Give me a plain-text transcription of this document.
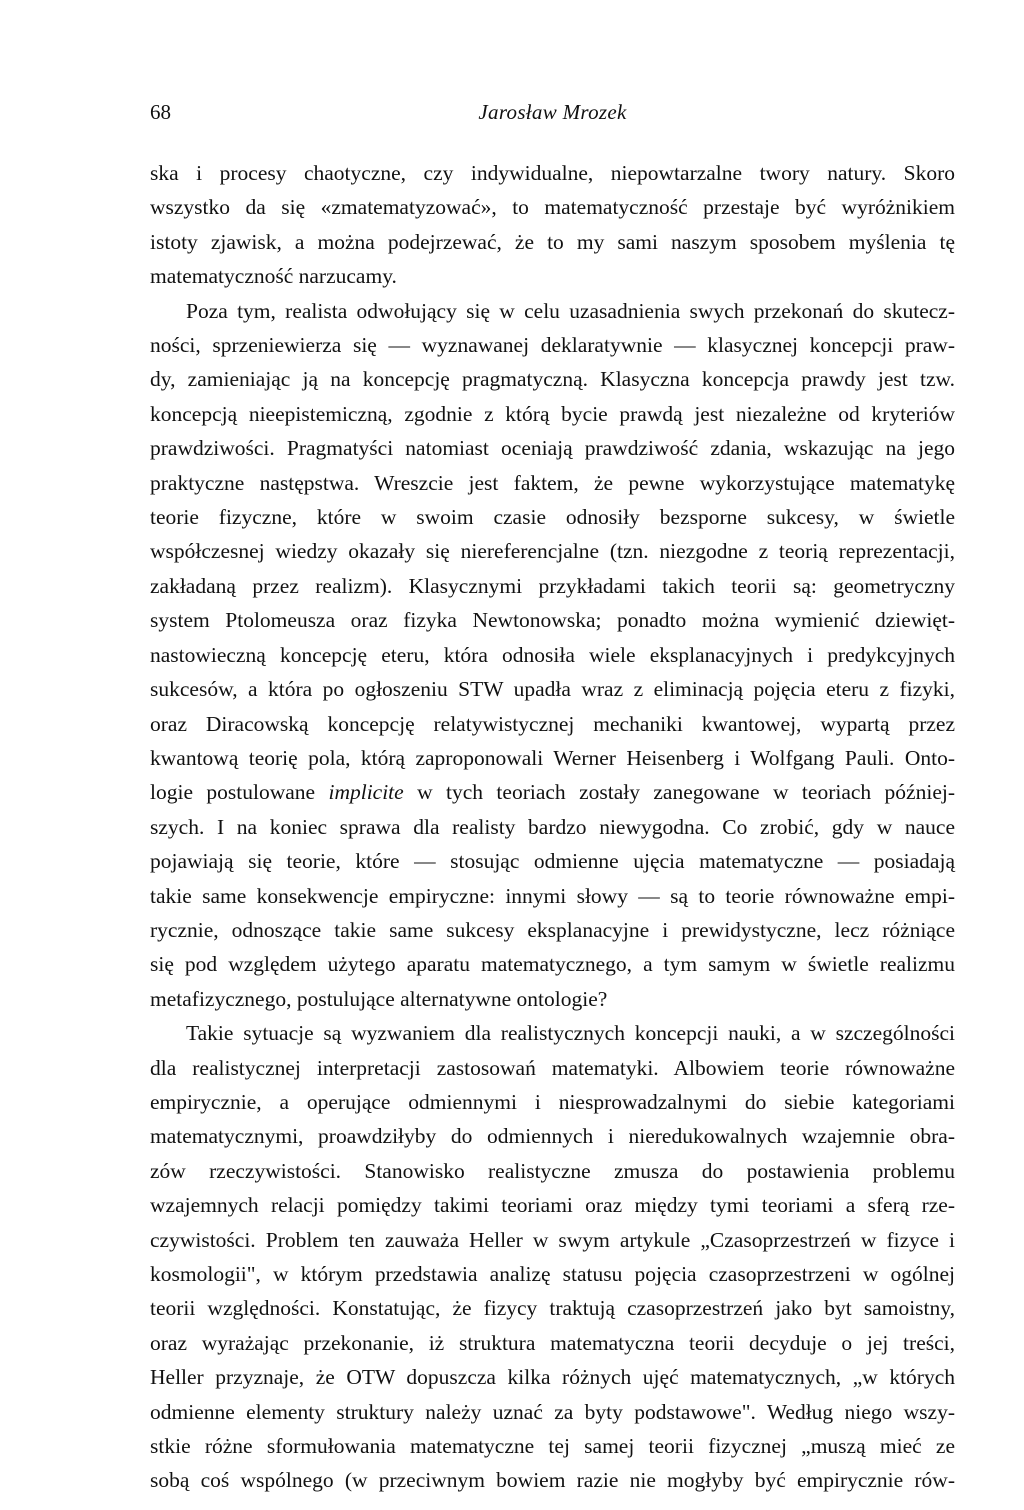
68	Jarosław Mrozek
ska i procesy chaotyczne, czy indywidualne, niepowtarzalne twory natury. Skoro
wszystko da się «zmatematyzować», to matematyczność przestaje być wyróżnikiem
istoty zjawisk, a można podejrzewać, że to my sami naszym sposobem myślenia tę
matematyczność narzucamy.
Poza tym, realista odwołujący się w celu uzasadnienia swych przekonań do skutecz-
ności, sprzeniewierza się — wyznawanej deklaratywnie — klasycznej koncepcji praw-
dy, zamieniając ją na koncepcję pragmatyczną. Klasyczna koncepcja prawdy jest tzw.
koncepcją nieepistemiczną, zgodnie z którą bycie prawdą jest niezależne od kryteriów
prawdziwości. Pragmatyści natomiast oceniają prawdziwość zdania, wskazując na jego
praktyczne następstwa. Wreszcie jest faktem, że pewne wykorzystujące matematykę
teorie fizyczne, które w swoim czasie odnosiły bezsporne sukcesy, w świetle
współczesnej wiedzy okazały się niereferencjalne (tzn. niezgodne z teorią reprezentacji,
zakładaną przez realizm). Klasycznymi przykładami takich teorii są: geometryczny
system Ptolomeusza oraz fizyka Newtonowska; ponadto można wymienić dziewięt-
nastowieczną koncepcję eteru, która odnosiła wiele eksplanacyjnych i predykcyjnych
sukcesów, a która po ogłoszeniu STW upadła wraz z eliminacją pojęcia eteru z fizyki,
oraz Diracowską koncepcję relatywistycznej mechaniki kwantowej, wypartą przez
kwantową teorię pola, którą zaproponowali Werner Heisenberg i Wolfgang Pauli. Onto-
logie postulowane implicite w tych teoriach zostały zanegowane w teoriach później-
szych. I na koniec sprawa dla realisty bardzo niewygodna. Co zrobić, gdy w nauce
pojawiają się teorie, które — stosując odmienne ujęcia matematyczne — posiadają
takie same konsekwencje empiryczne: innymi słowy — są to teorie równoważne empi-
rycznie, odnoszące takie same sukcesy eksplanacyjne i prewidystyczne, lecz różniące
się pod względem użytego aparatu matematycznego, a tym samym w świetle realizmu
metafizycznego, postulujące alternatywne ontologie?
Takie sytuacje są wyzwaniem dla realistycznych koncepcji nauki, a w szczególności
dla realistycznej interpretacji zastosowań matematyki. Albowiem teorie równoważne
empirycznie, a operujące odmiennymi i niesprowadzalnymi do siebie kategoriami
matematycznymi, proawdziłyby do odmiennych i nieredukowalnych wzajemnie obra-
zów rzeczywistości. Stanowisko realistyczne zmusza do postawienia problemu
wzajemnych relacji pomiędzy takimi teoriami oraz między tymi teoriami a sferą rze-
czywistości. Problem ten zauważa Heller w swym artykule „Czasoprzestrzeń w fizyce i
kosmologii", w którym przedstawia analizę statusu pojęcia czasoprzestrzeni w ogólnej
teorii względności. Konstatując, że fizycy traktują czasoprzestrzeń jako byt samoistny,
oraz wyrażając przekonanie, iż struktura matematyczna teorii decyduje o jej treści,
Heller przyznaje, że OTW dopuszcza kilka różnych ujęć matematycznych, „w których
odmienne elementy struktury należy uznać za byty podstawowe". Według niego wszy-
stkie różne sformułowania matematyczne tej samej teorii fizycznej „muszą mieć ze
sobą coś wspólnego (w przeciwnym bowiem razie nie mogłyby być empirycznie rów-
